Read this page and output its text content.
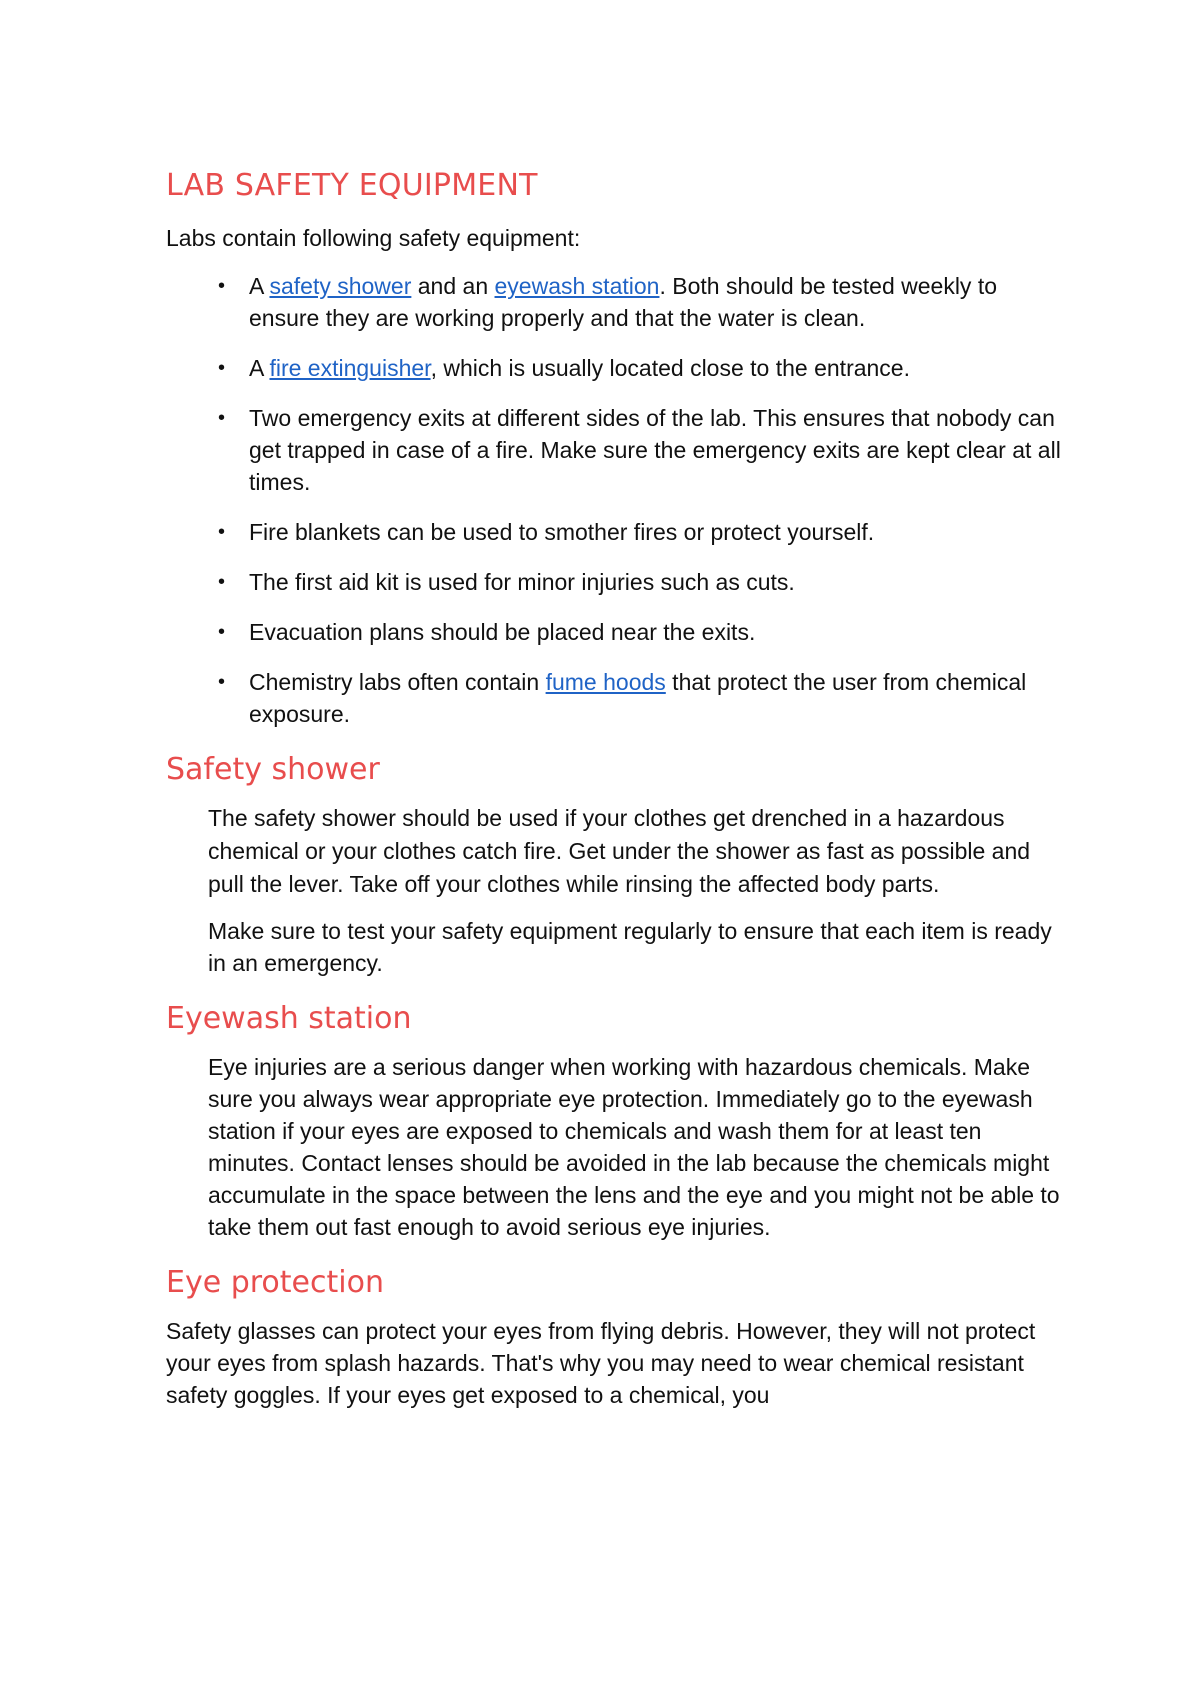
LAB SAFETY EQUIPMENT

Labs contain following safety equipment:

• A safety shower and an eyewash station. Both should be tested weekly to ensure they are working properly and that the water is clean.
• A fire extinguisher, which is usually located close to the entrance.
• Two emergency exits at different sides of the lab. This ensures that nobody can get trapped in case of a fire. Make sure the emergency exits are kept clear at all times.
• Fire blankets can be used to smother fires or protect yourself.
• The first aid kit is used for minor injuries such as cuts.
• Evacuation plans should be placed near the exits.
• Chemistry labs often contain fume hoods that protect the user from chemical exposure.
Safety shower

The safety shower should be used if your clothes get drenched in a hazardous chemical or your clothes catch fire. Get under the shower as fast as possible and pull the lever. Take off your clothes while rinsing the affected body parts.

Make sure to test your safety equipment regularly to ensure that each item is ready in an emergency.

Eyewash station

Eye injuries are a serious danger when working with hazardous chemicals. Make sure you always wear appropriate eye protection. Immediately go to the eyewash station if your eyes are exposed to chemicals and wash them for at least ten minutes. Contact lenses should be avoided in the lab because the chemicals might accumulate in the space between the lens and the eye and you might not be able to take them out fast enough to avoid serious eye injuries.

Eye protection

Safety glasses can protect your eyes from flying debris. However, they will not protect your eyes from splash hazards. That's why you may need to wear chemical resistant safety goggles. If your eyes get exposed to a chemical, you
